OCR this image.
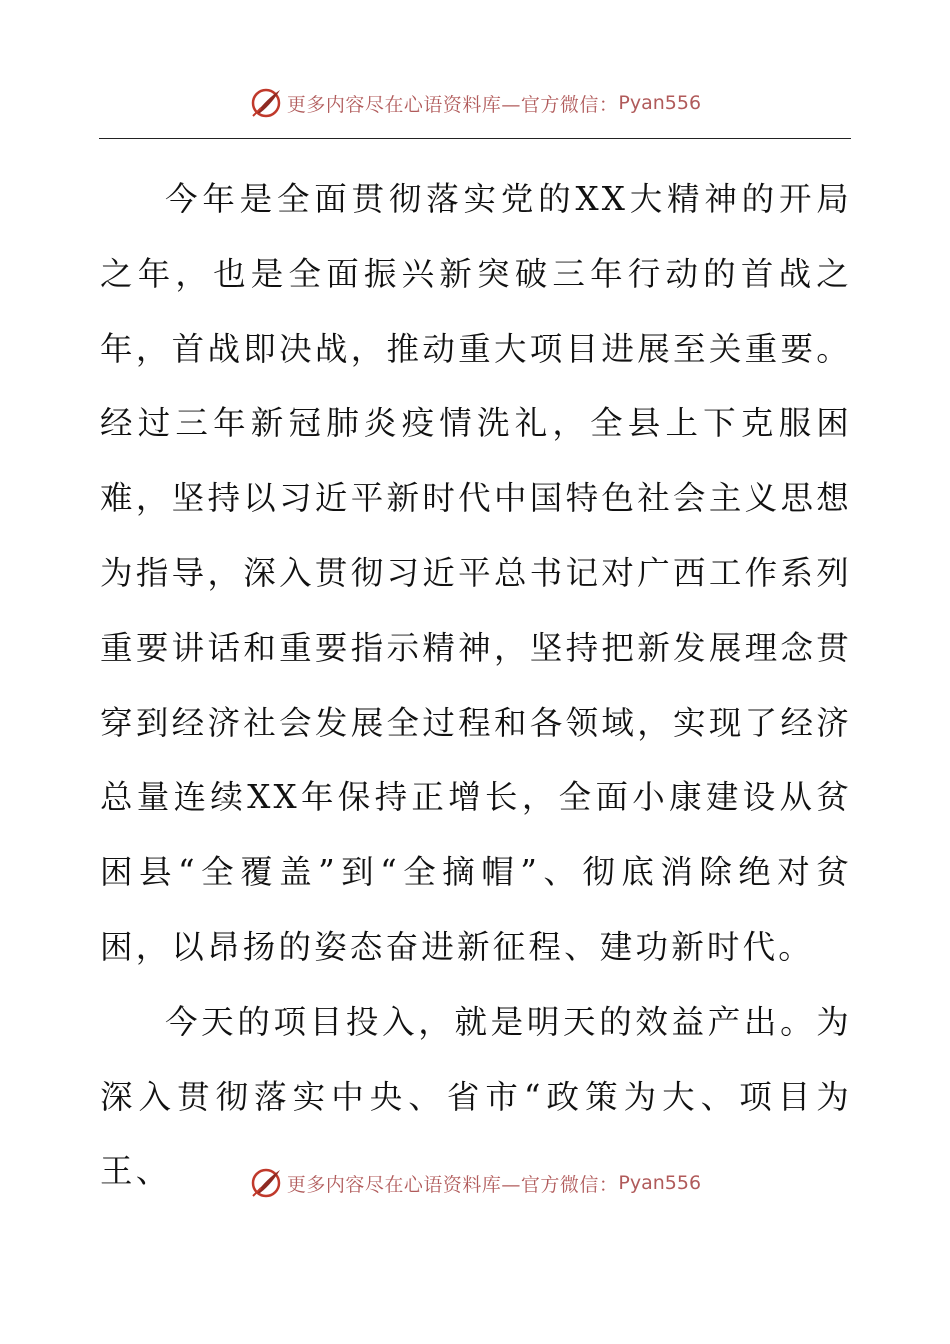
更多内容尽在心语资料库—官方微信： Pyan556

今年是全面贯彻落实党的XX大精神的开局之年，也是全面振兴新突破三年行动的首战之年，首战即决战，推动重大项目进展至关重要。经过三年新冠肺炎疫情洗礼，全县上下克服困难，坚持以习近平新时代中国特色社会主义思想为指导，深入贯彻习近平总书记对广西工作系列重要讲话和重要指示精神，坚持把新发展理念贯穿到经济社会发展全过程和各领域，实现了经济总量连续XX年保持正增长，全面小康建设从贫困县“全覆盖”到“全摘帽”、彻底消除绝对贫困，以昂扬的姿态奋进新征程、建功新时代。

今天的项目投入，就是明天的效益产出。为深入贯彻落实中央、省市“政策为大、项目为王、	更多内容尽在心语资料库—官方微信： Pyan556
